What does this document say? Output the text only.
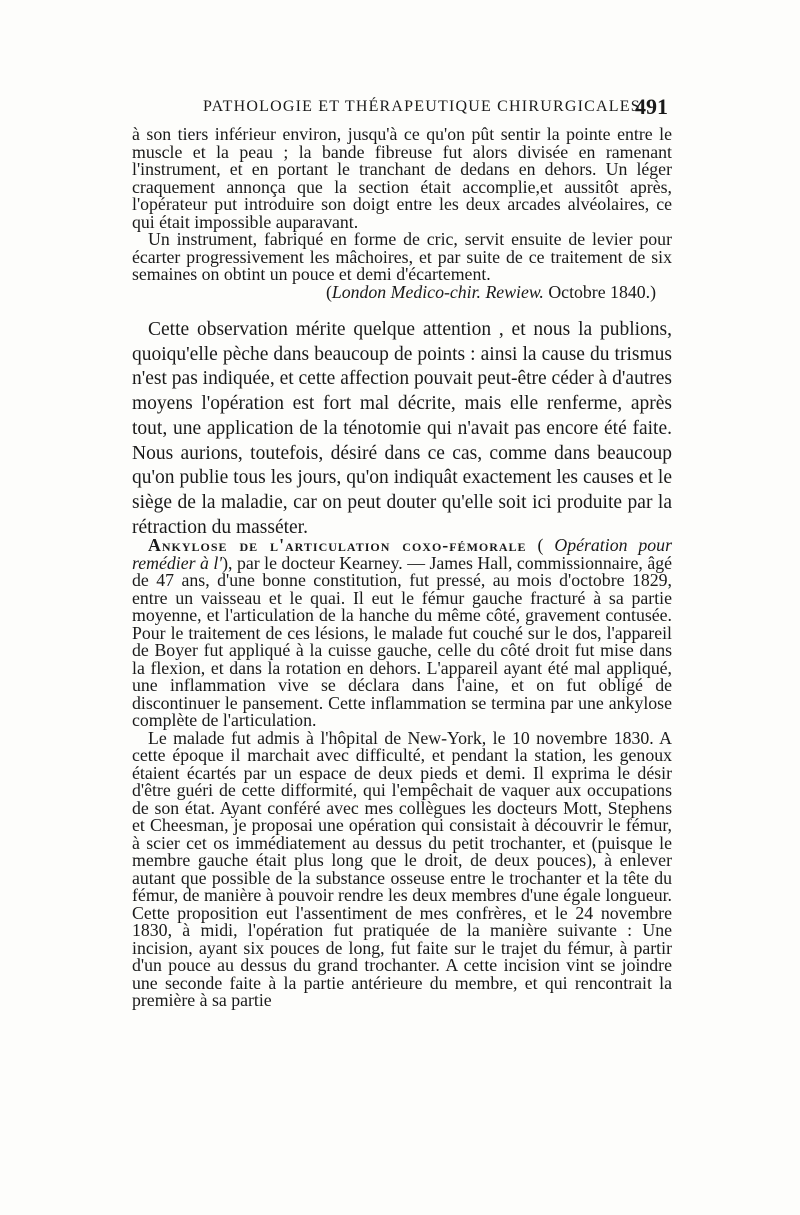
PATHOLOGIE ET THÉRAPEUTIQUE CHIRURGICALES.
491

à son tiers inférieur environ, jusqu'à ce qu'on pût sentir la pointe entre le muscle et la peau ; la bande fibreuse fut alors divisée en ramenant l'instrument, et en portant le tranchant de dedans en dehors. Un léger craquement annonça que la section était accomplie,et aussitôt après, l'opérateur put introduire son doigt entre les deux arcades alvéolaires, ce qui était impossible auparavant.

Un instrument, fabriqué en forme de cric, servit ensuite de levier pour écarter progressivement les mâchoires, et par suite de ce traitement de six semaines on obtint un pouce et demi d'écartement.

(London Medico-chir. Rewiew. Octobre 1840.)

Cette observation mérite quelque attention , et nous la publions, quoiqu'elle pèche dans beaucoup de points : ainsi la cause du trismus n'est pas indiquée, et cette affection pouvait peut-être céder à d'autres moyens l'opération est fort mal décrite, mais elle renferme, après tout, une application de la ténotomie qui n'avait pas encore été faite. Nous aurions, toutefois, désiré dans ce cas, comme dans beaucoup qu'on publie tous les jours, qu'on indiquât exactement les causes et le siège de la maladie, car on peut douter qu'elle soit ici produite par la rétraction du masséter.

Ankylose de l'articulation coxo-fémorale ( Opération pour remédier à l'), par le docteur Kearney. — James Hall, commissionnaire, âgé de 47 ans, d'une bonne constitution, fut pressé, au mois d'octobre 1829, entre un vaisseau et le quai. Il eut le fémur gauche fracturé à sa partie moyenne, et l'articulation de la hanche du même côté, gravement contusée. Pour le traitement de ces lésions, le malade fut couché sur le dos, l'appareil de Boyer fut appliqué à la cuisse gauche, celle du côté droit fut mise dans la flexion, et dans la rotation en dehors. L'appareil ayant été mal appliqué, une inflammation vive se déclara dans l'aine, et on fut obligé de discontinuer le pansement. Cette inflammation se termina par une ankylose complète de l'articulation.

Le malade fut admis à l'hôpital de New-York, le 10 novembre 1830. A cette époque il marchait avec difficulté, et pendant la station, les genoux étaient écartés par un espace de deux pieds et demi. Il exprima le désir d'être guéri de cette difformité, qui l'empêchait de vaquer aux occupations de son état. Ayant conféré avec mes collègues les docteurs Mott, Stephens et Cheesman, je proposai une opération qui consistait à découvrir le fémur, à scier cet os immédiatement au dessus du petit trochanter, et (puisque le membre gauche était plus long que le droit, de deux pouces), à enlever autant que possible de la substance osseuse entre le trochanter et la tête du fémur, de manière à pouvoir rendre les deux membres d'une égale longueur. Cette proposition eut l'assentiment de mes confrères, et le 24 novembre 1830, à midi, l'opération fut pratiquée de la manière suivante : Une incision, ayant six pouces de long, fut faite sur le trajet du fémur, à partir d'un pouce au dessus du grand trochanter. A cette incision vint se joindre une seconde faite à la partie antérieure du membre, et qui rencontrait la première à sa partie
